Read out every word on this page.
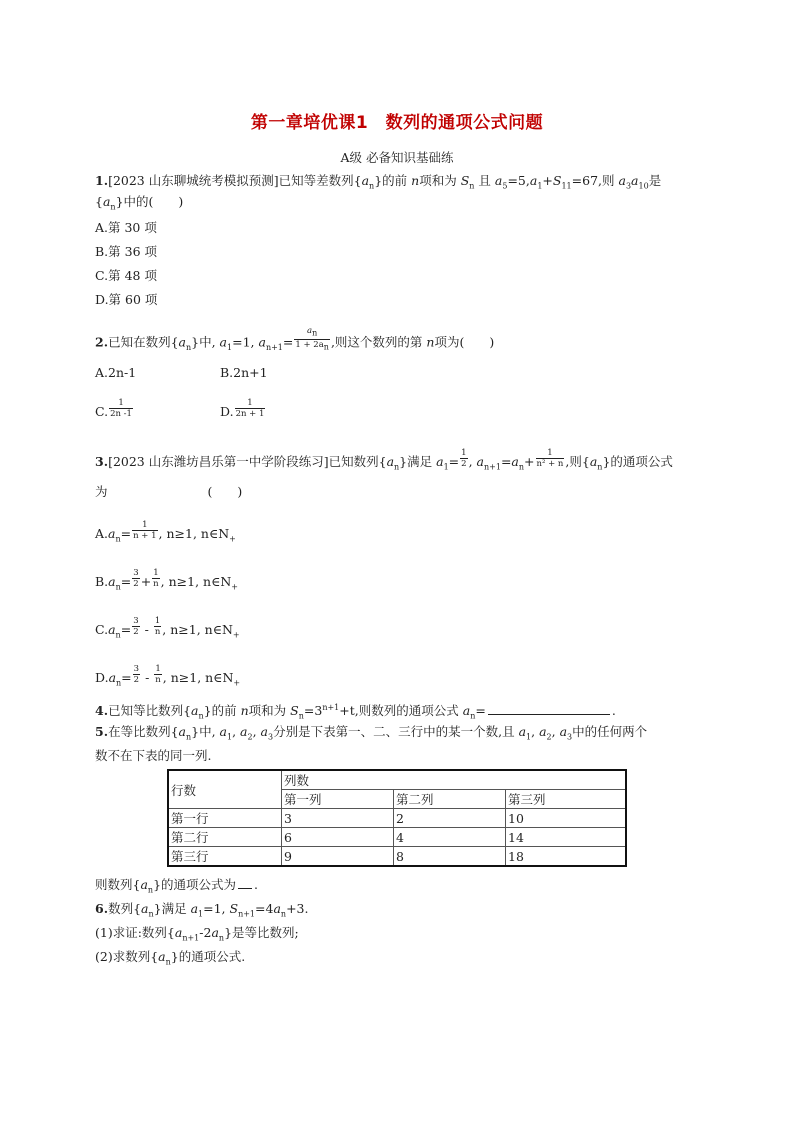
第一章培优课1　数列的通项公式问题
A级 必备知识基础练
1.[2023 山东聊城统考模拟预测]已知等差数列$\{a_n\}$的前 n项和为 $S_n$ 且 $a_5=5,a_1+S_{11}=67$,则 $a_3a_{10}$是
$\{a_n\}$中的(　　)
A.第 30 项
B.第 36 项
C.第 48 项
D.第 60 项
2.已知在数列$\{a_n\}$中, $a_1=1$, $a_{n+1}= \frac{a_n}{1 + 2a_n}$ ,则这个数列的第 n项为(　　)
A.2n-1	B.2n+1
C. $\frac{1}{2n -1}$	D. $\frac{1}{2n + 1}$
3.[2023 山东潍坊昌乐第一中学阶段练习]已知数列$\{a_n\}$满足 $a_1= \frac{1}{2}$ , $a_{n+1}=a_n+ \frac{1}{\text{n² + n}}$ ,则$\{a_n\}$的通项公式
为　　　　　　　　(　　)
$A.a_n= \frac{1}{n + 1}$ , n≥1, $n\in N_+$
$B.a_n= \frac{3}{2} + \frac{1}{n}$ , n≥1, $n\in N_+$
$C.a_n= \frac{3}{2} - \frac{1}{n}$ , n≥1, $n\in N_+$
$D.a_n= \frac{3}{2} - \frac{1}{n}$ , n≥1, $n\in N_+$
4.已知等比数列$\{a_n\}$的前 n项和为 $S_n=3^{n+1}+t$,则数列的通项公式 $a_n=$	.
5.在等比数列$\{a_n\}$中, $a_1$, $a_2$, $a_3$分别是下表第一、二、三行中的某一个数,且 $a_1$, $a_2$, $a_3$中的任何两个
数不在下表的同一列.
行数	列数		
	第一列	第二列	第三列
第一行	3	2	10
第二行	6	4	14
第三行	9	8	18
则数列$\{a_n\}$的通项公式为 .
6.数列$\{a_n\}$满足 $a_1=1$, $S_{n+1}=4a_n+3$.
(1)求证:数列$\{a_{n+1}-2a_n\}$是等比数列;
(2)求数列$\{a_n\}$的通项公式.
